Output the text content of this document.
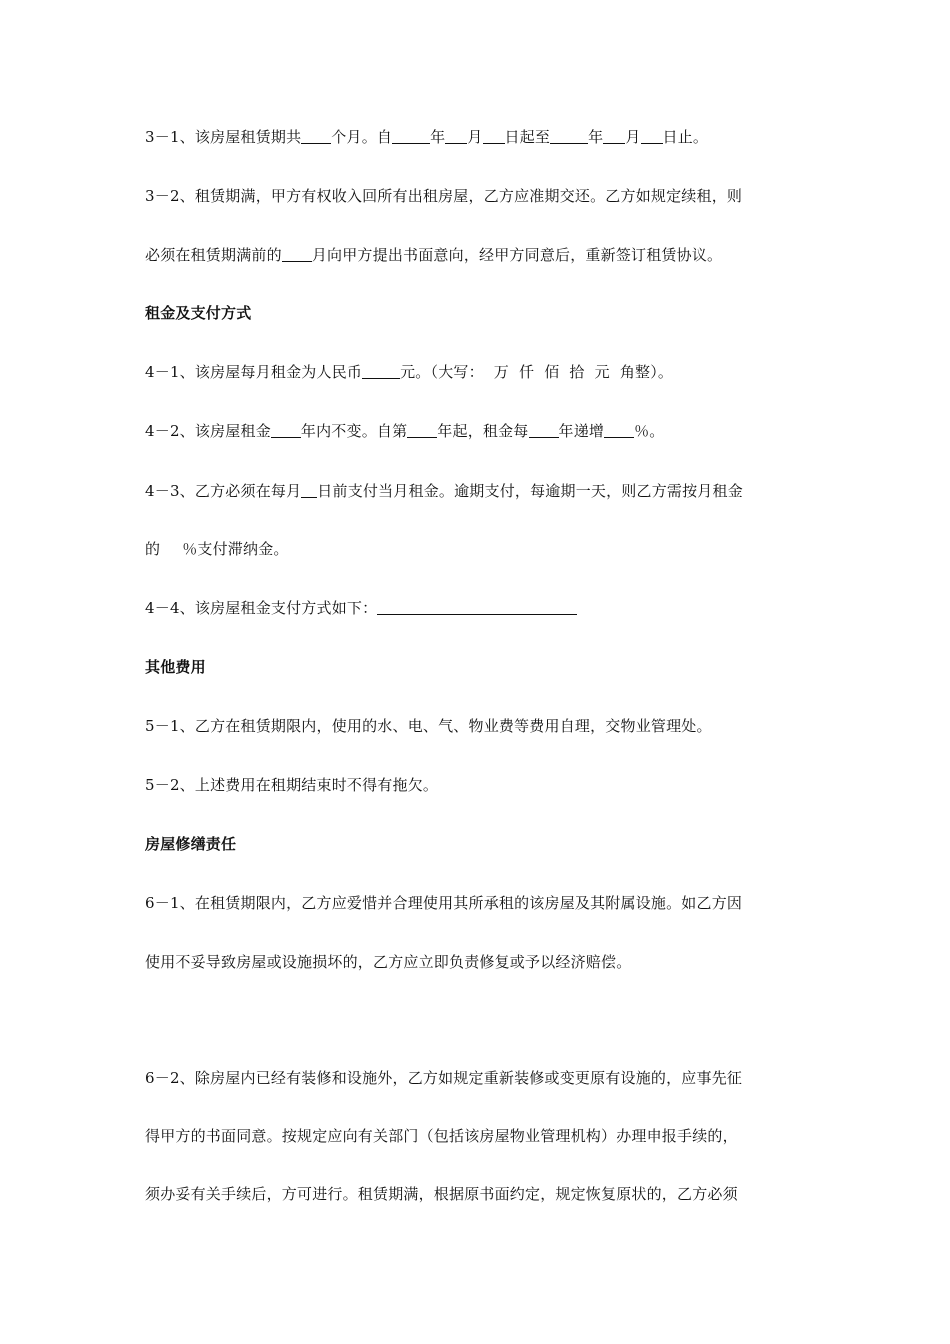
3－1、该房屋租赁期共 个月。自	年 月 日起至	年 月 日止。
3－2、租赁期满，甲方有权收入回所有出租房屋，乙方应准期交还。乙方如规定续租，则
必须在租赁期满前的 月向甲方提出书面意向，经甲方同意后，重新签订租赁协议。
租金及支付方式
4－1、该房屋每月租金为人民币	元。（大写： 万 仟 佰 拾 元 角整）。
4－2、该房屋租金 年内不变。自第 年起，租金每 年递增 ％。
4－3、乙方必须在每月 日前支付当月租金。逾期支付，每逾期一天，则乙方需按月租金
的 ％支付滞纳金。
4－4、该房屋租金支付方式如下：
其他费用
5－1、乙方在租赁期限内，使用的水、电、气、物业费等费用自理，交物业管理处。
5－2、上述费用在租期结束时不得有拖欠。
房屋修缮责任
6－1、在租赁期限内，乙方应爱惜并合理使用其所承租的该房屋及其附属设施。如乙方因
使用不妥导致房屋或设施损坏的，乙方应立即负责修复或予以经济赔偿。
6－2、除房屋内已经有装修和设施外，乙方如规定重新装修或变更原有设施的，应事先征
得甲方的书面同意。按规定应向有关部门（包括该房屋物业管理机构）办理申报手续的，
须办妥有关手续后，方可进行。租赁期满，根据原书面约定，规定恢复原状的，乙方必须
